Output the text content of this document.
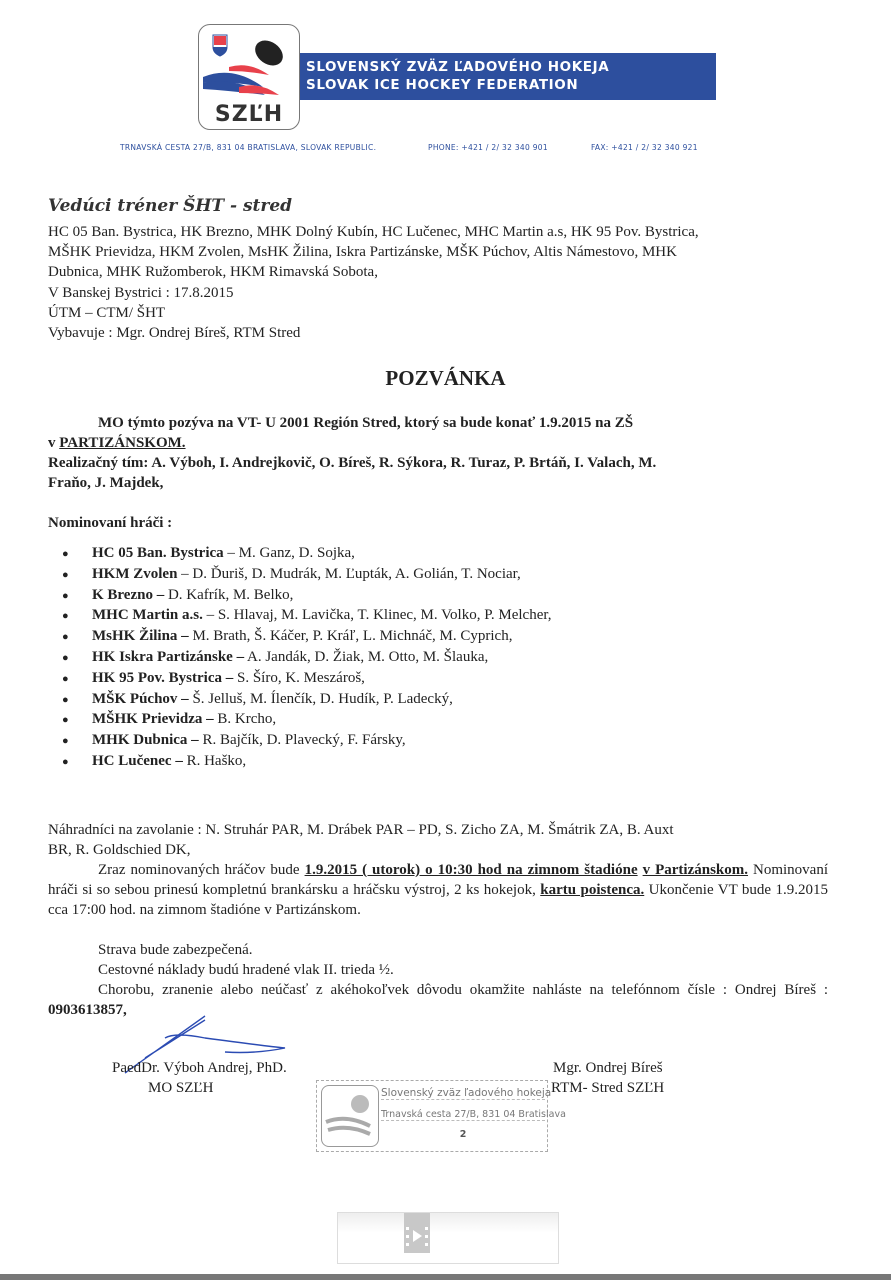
SLOVENSKÝ ZVÄZ ĽADOVÉHO HOKEJA
SLOVAK ICE HOCKEY FEDERATION
SZĽH
TRNAVSKÁ CESTA 27/B, 831 04 BRATISLAVA, SLOVAK REPUBLIC.	PHONE: +421 / 2/ 32 340 901	FAX: +421 / 2/ 32 340 921
Vedúci tréner ŠHT - stred
HC 05 Ban. Bystrica, HK Brezno, MHK Dolný Kubín, HC Lučenec, MHC Martin a.s, HK 95 Pov. Bystrica,
MŠHK Prievidza, HKM Zvolen, MsHK Žilina, Iskra Partizánske, MŠK Púchov, Altis Námestovo, MHK
Dubnica, MHK Ružomberok, HKM Rimavská Sobota,
V Banskej Bystrici : 17.8.2015
ÚTM – CTM/ ŠHT
Vybavuje : Mgr. Ondrej Bíreš, RTM Stred
POZVÁNKA
MO týmto pozýva na VT- U 2001 Región Stred, ktorý sa bude konať 1.9.2015 na ZŠ
v PARTIZÁNSKOM.
Realizačný tím: A. Výboh, I. Andrejkovič, O. Bíreš, R. Sýkora, R. Turaz, P. Brtáň, I. Valach, M.
Fraňo, J. Majdek,
Nominovaní hráči :
● HC 05 Ban. Bystrica – M. Ganz, D. Sojka,
● HKM Zvolen – D. Ďuriš, D. Mudrák, M. Ľupták, A. Golián, T. Nociar,
● K Brezno – D. Kafrík, M. Belko,
● MHC Martin a.s. – S. Hlavaj, M. Lavička, T. Klinec, M. Volko, P. Melcher,
● MsHK Žilina – M. Brath, Š. Káčer, P. Kráľ, L. Michnáč, M. Cyprich,
● HK Iskra Partizánske – A. Jandák, D. Žiak, M. Otto, M. Šlauka,
● HK 95 Pov. Bystrica – S. Šíro, K. Meszároš,
● MŠK Púchov – Š. Jelluš, M. Ílenčík, D. Hudík, P. Ladecký,
● MŠHK Prievidza – B. Krcho,
● MHK Dubnica – R. Bajčík, D. Plavecký, F. Fársky,
● HC Lučenec – R. Haško,
Náhradníci na zavolanie : N. Struhár PAR, M. Drábek PAR – PD, S. Zicho ZA, M. Šmátrik ZA, B. Auxt
BR, R. Goldschied DK,
Zraz nominovaných hráčov bude 1.9.2015 ( utorok) o 10:30 hod na zimnom štadióne v Partizánskom. Nominovaní hráči si so sebou prinesú kompletnú brankársku a hráčsku výstroj, 2 ks hokejok, kartu poistenca. Ukončenie VT bude 1.9.2015 cca 17:00 hod. na zimnom štadióne v Partizánskom.
Strava bude zabezpečená.
Cestovné náklady budú hradené vlak II. trieda ½.
Chorobu, zranenie alebo neúčasť z akéhokoľvek dôvodu okamžite nahláste na telefónnom čísle : Ondrej Bíreš : 0903613857,
PaedDr. Výboh Andrej, PhD.
MO SZĽH
Mgr. Ondrej Bíreš
RTM- Stred SZĽH
Slovenský zväz ľadového hokeja
Trnavská cesta 27/B, 831 04 Bratislava
2
